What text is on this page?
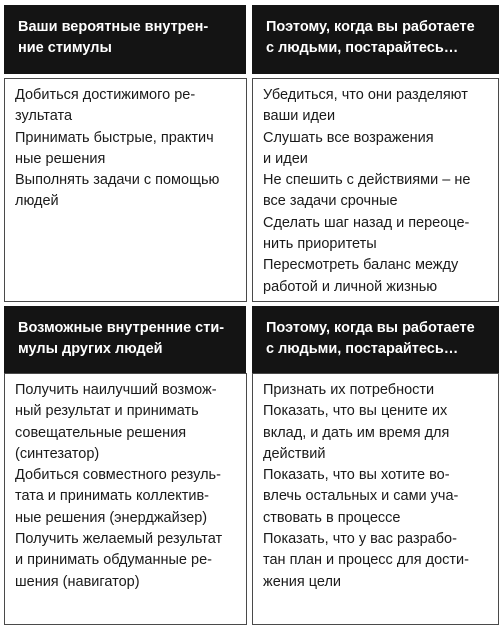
Ваши вероятные внутрен-
ние стимулы
Поэтому, когда вы работаете
с людьми, постарайтесь…
Добиться достижимого ре-
зультата
Принимать быстрые, практич
ные решения
Выполнять задачи с помощью
людей
Убедиться, что они разделяют
ваши идеи
Слушать все возражения
и идеи
Не спешить с действиями – не
все задачи срочные
Сделать шаг назад и переоце-
нить приоритеты
Пересмотреть баланс между
работой и личной жизнью
Возможные внутренние сти-
мулы других людей
Поэтому, когда вы работаете
с людьми, постарайтесь…
Получить наилучший возмож-
ный результат и принимать
совещательные решения
(синтезатор)
Добиться совместного резуль-
тата и принимать коллектив-
ные решения (энерджайзер)
Получить желаемый результат
и принимать обдуманные ре-
шения (навигатор)
Признать их потребности
Показать, что вы цените их
вклад, и дать им время для
действий
Показать, что вы хотите во-
влечь остальных и сами уча-
ствовать в процессе
Показать, что у вас разрабо-
тан план и процесс для дости-
жения цели
